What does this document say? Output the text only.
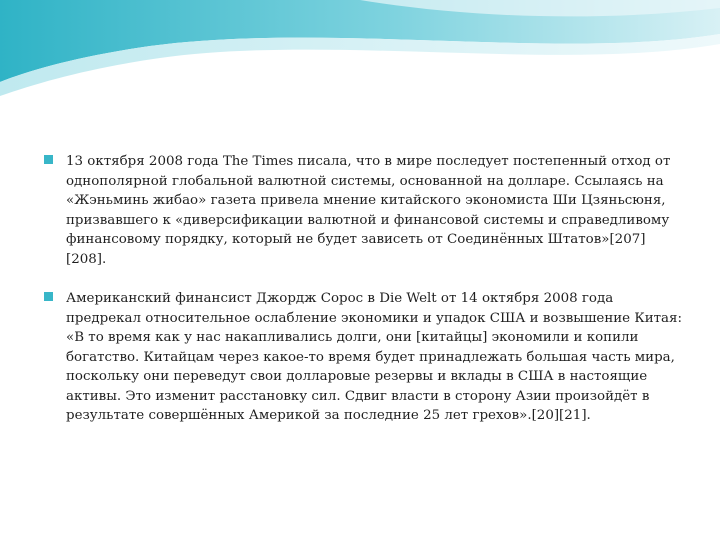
13 октября 2008 года The Times писала, что в мире последует постепенный отход от однополярной глобальной валютной системы, основанной на долларе. Ссылаясь на «Жэньминь жибао» газета привела мнение китайского экономиста Ши Цзяньсюня, призвавшего к «диверсификации валютной и финансовой системы и справедливому финансовому порядку, который не будет зависеть от Соединённых Штатов»[207][208].

Американский финансист Джордж Сорос в Die Welt от 14 октября 2008 года предрекал относительное ослабление экономики и упадок США и возвышение Китая: «В то время как у нас накапливались долги, они [китайцы] экономили и копили богатство. Китайцам через какое-то время будет принадлежать большая часть мира, поскольку они переведут свои долларовые резервы и вклады в США в настоящие активы. Это изменит расстановку сил. Сдвиг власти в сторону Азии произойдёт в результате совершённых Америкой за последние 25 лет грехов».[20][21].
